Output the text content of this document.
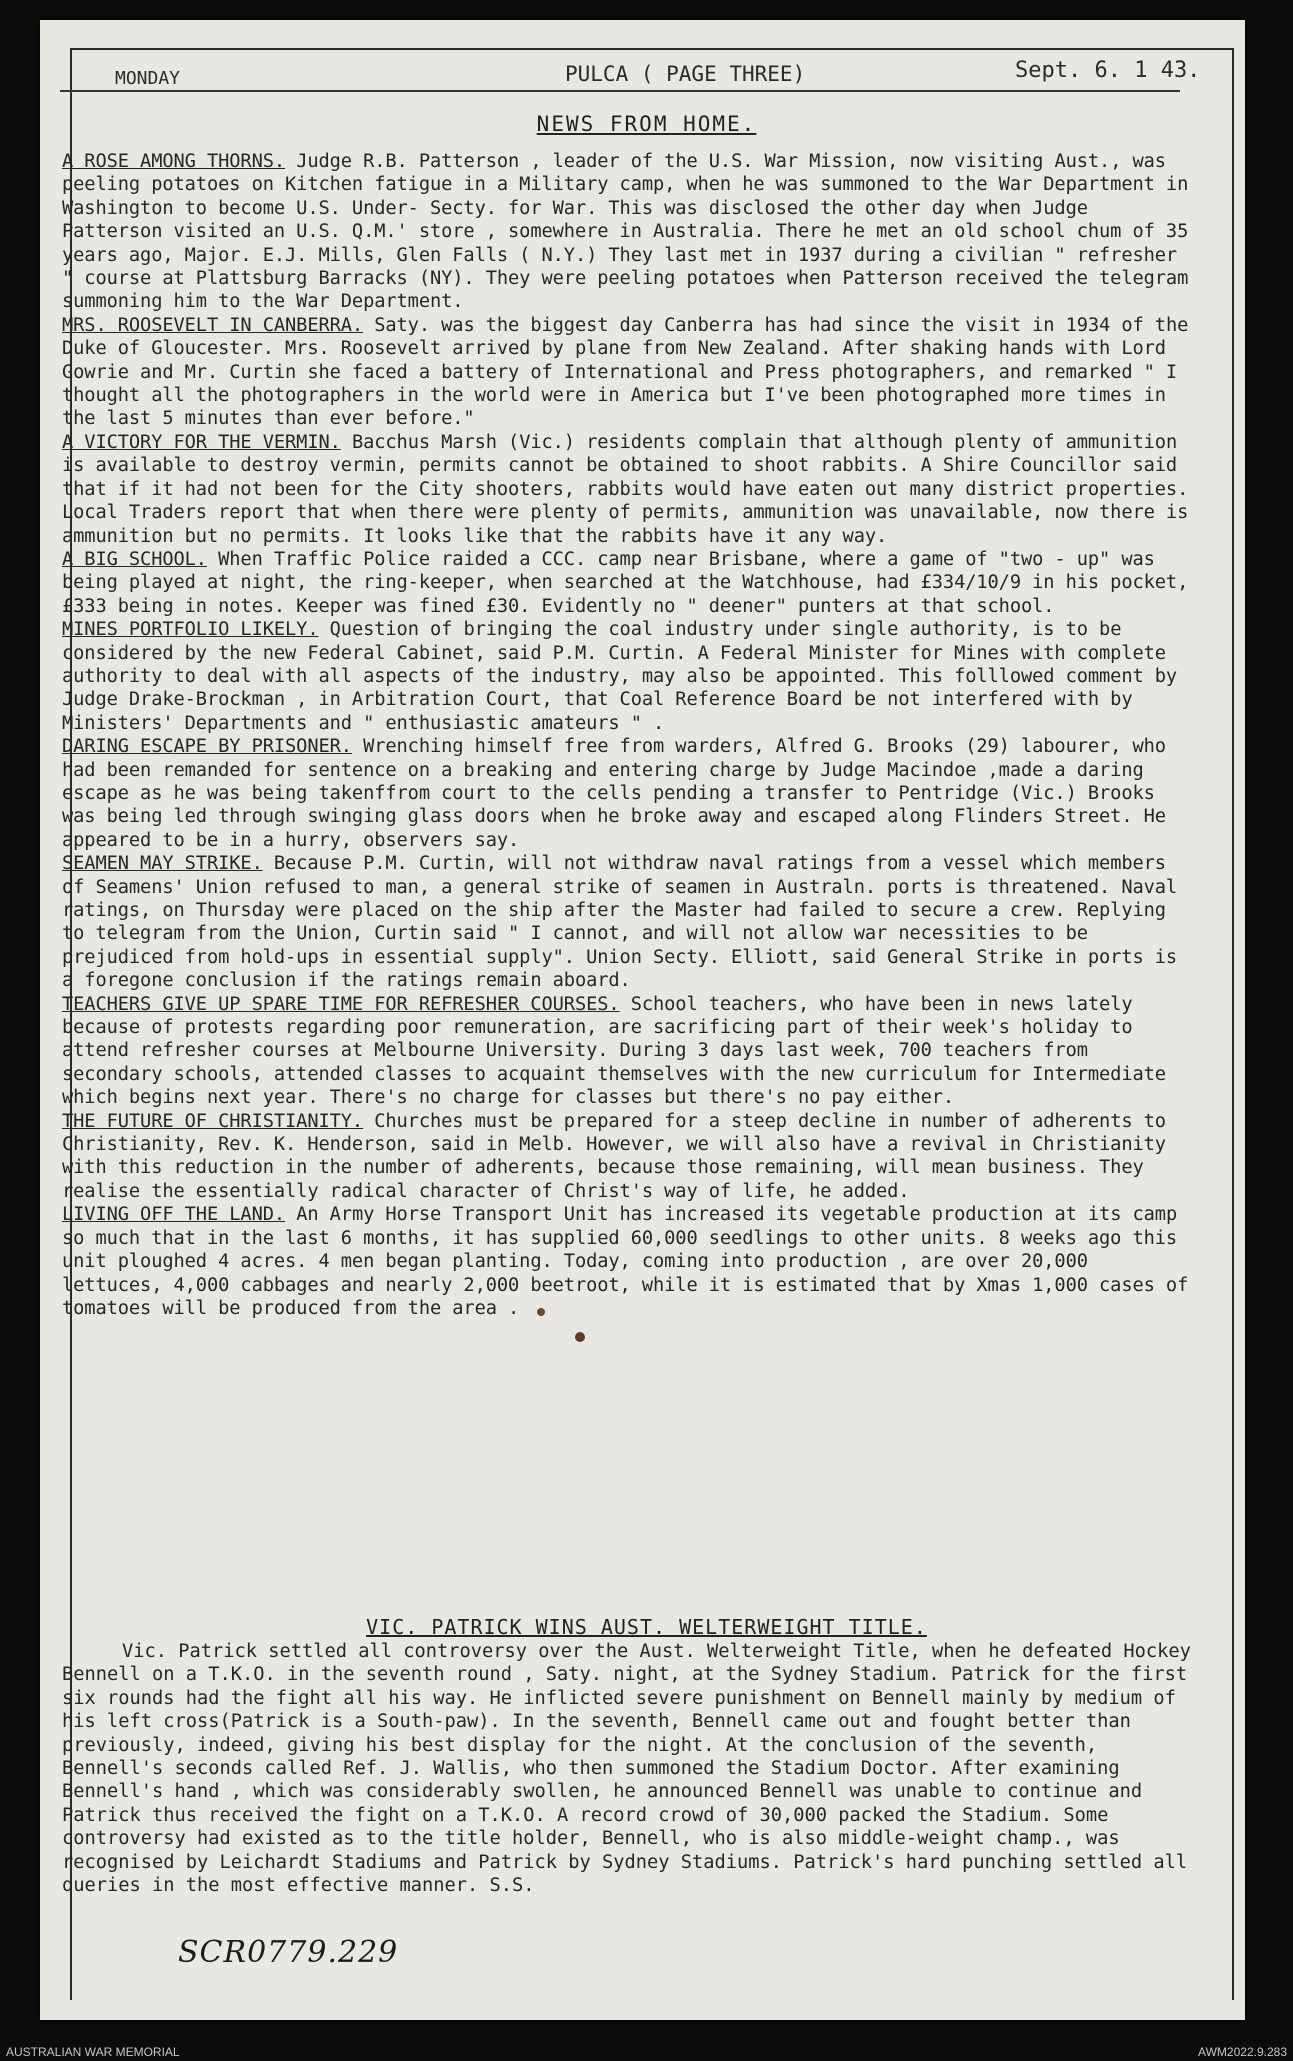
MONDAY	PULCA ( PAGE THREE)	Sept. 6. 1 43.
NEWS FROM HOME.

A ROSE AMONG THORNS. Judge R.B. Patterson , leader of the U.S. War Mission, now visiting Aust., was peeling potatoes on Kitchen fatigue in a Military camp, when he was summoned to the War Department in Washington to become U.S. Under- Secty. for War. This was disclosed the other day when Judge Patterson visited an U.S. Q.M.' store , somewhere in Australia. There he met an old school chum of 35 years ago, Major. E.J. Mills, Glen Falls ( N.Y.) They last met in 1937 during a civilian " refresher " course at Plattsburg Barracks (NY). They were peeling potatoes when Patterson received the telegram summoning him to the War Department.

MRS. ROOSEVELT IN CANBERRA. Saty. was the biggest day Canberra has had since the visit in 1934 of the Duke of Gloucester. Mrs. Roosevelt arrived by plane from New Zealand. After shaking hands with Lord Gowrie and Mr. Curtin she faced a battery of International and Press photographers, and remarked " I thought all the photographers in the world were in America but I've been photographed more times in the last 5 minutes than ever before."

A VICTORY FOR THE VERMIN. Bacchus Marsh (Vic.) residents complain that although plenty of ammunition is available to destroy vermin, permits cannot be obtained to shoot rabbits. A Shire Councillor said that if it had not been for the City shooters, rabbits would have eaten out many district properties. Local Traders report that when there were plenty of permits, ammunition was unavailable, now there is ammunition but no permits. It looks like that the rabbits have it any way.

A BIG SCHOOL. When Traffic Police raided a CCC. camp near Brisbane, where a game of "two - up" was being played at night, the ring-keeper, when searched at the Watchhouse, had £334/10/9 in his pocket, £333 being in notes. Keeper was fined £30. Evidently no " deener" punters at that school.

MINES PORTFOLIO LIKELY. Question of bringing the coal industry under single authority, is to be considered by the new Federal Cabinet, said P.M. Curtin. A Federal Minister for Mines with complete authority to deal with all aspects of the industry, may also be appointed. This folllowed comment by Judge Drake-Brockman , in Arbitration Court, that Coal Reference Board be not interfered with by Ministers' Departments and " enthusiastic amateurs " .

DARING ESCAPE BY PRISONER. Wrenching himself free from warders, Alfred G. Brooks (29) labourer, who had been remanded for sentence on a breaking and entering charge by Judge Macindoe ,made a daring escape as he was being takenffrom court to the cells pending a transfer to Pentridge (Vic.) Brooks was being led through swinging glass doors when he broke away and escaped along Flinders Street. He appeared to be in a hurry, observers say.

SEAMEN MAY STRIKE. Because P.M. Curtin, will not withdraw naval ratings from a vessel which members of Seamens' Union refused to man, a general strike of seamen in Australn. ports is threatened. Naval ratings, on Thursday were placed on the ship after the Master had failed to secure a crew. Replying to telegram from the Union, Curtin said " I cannot, and will not allow war necessities to be prejudiced from hold-ups in essential supply". Union Secty. Elliott, said General Strike in ports is a foregone conclusion if the ratings remain aboard.

TEACHERS GIVE UP SPARE TIME FOR REFRESHER COURSES. School teachers, who have been in news lately because of protests regarding poor remuneration, are sacrificing part of their week's holiday to attend refresher courses at Melbourne University. During 3 days last week, 700 teachers from secondary schools, attended classes to acquaint themselves with the new curriculum for Intermediate which begins next year. There's no charge for classes but there's no pay either.

THE FUTURE OF CHRISTIANITY. Churches must be prepared for a steep decline in number of adherents to Christianity, Rev. K. Henderson, said in Melb. However, we will also have a revival in Christianity with this reduction in the number of adherents, because those remaining, will mean business. They realise the essentially radical character of Christ's way of life, he added.

LIVING OFF THE LAND. An Army Horse Transport Unit has increased its vegetable production at its camp so much that in the last 6 months, it has supplied 60,000 seedlings to other units. 8 weeks ago this unit ploughed 4 acres. 4 men began planting. Today, coming into production , are over 20,000 lettuces, 4,000 cabbages and nearly 2,000 beetroot, while it is estimated that by Xmas 1,000 cases of tomatoes will be produced from the area .

VIC. PATRICK WINS AUST. WELTERWEIGHT TITLE.

Vic. Patrick settled all controversy over the Aust. Welterweight Title, when he defeated Hockey Bennell on a T.K.O. in the seventh round , Saty. night, at the Sydney Stadium. Patrick for the first six rounds had the fight all his way. He inflicted severe punishment on Bennell mainly by medium of his left cross(Patrick is a South-paw). In the seventh, Bennell came out and fought better than previously, indeed, giving his best display for the night. At the conclusion of the seventh, Bennell's seconds called Ref. J. Wallis, who then summoned the Stadium Doctor. After examining Bennell's hand , which was considerably swollen, he announced Bennell was unable to continue and Patrick thus received the fight on a T.K.O. A record crowd of 30,000 packed the Stadium. Some controversy had existed as to the title holder, Bennell, who is also middle-weight champ., was recognised by Leichardt Stadiums and Patrick by Sydney Stadiums. Patrick's hard punching settled all queries in the most effective manner. S.S.

SCR0779.229
AUSTRALIAN WAR MEMORIAL	AWM2022.9.283
